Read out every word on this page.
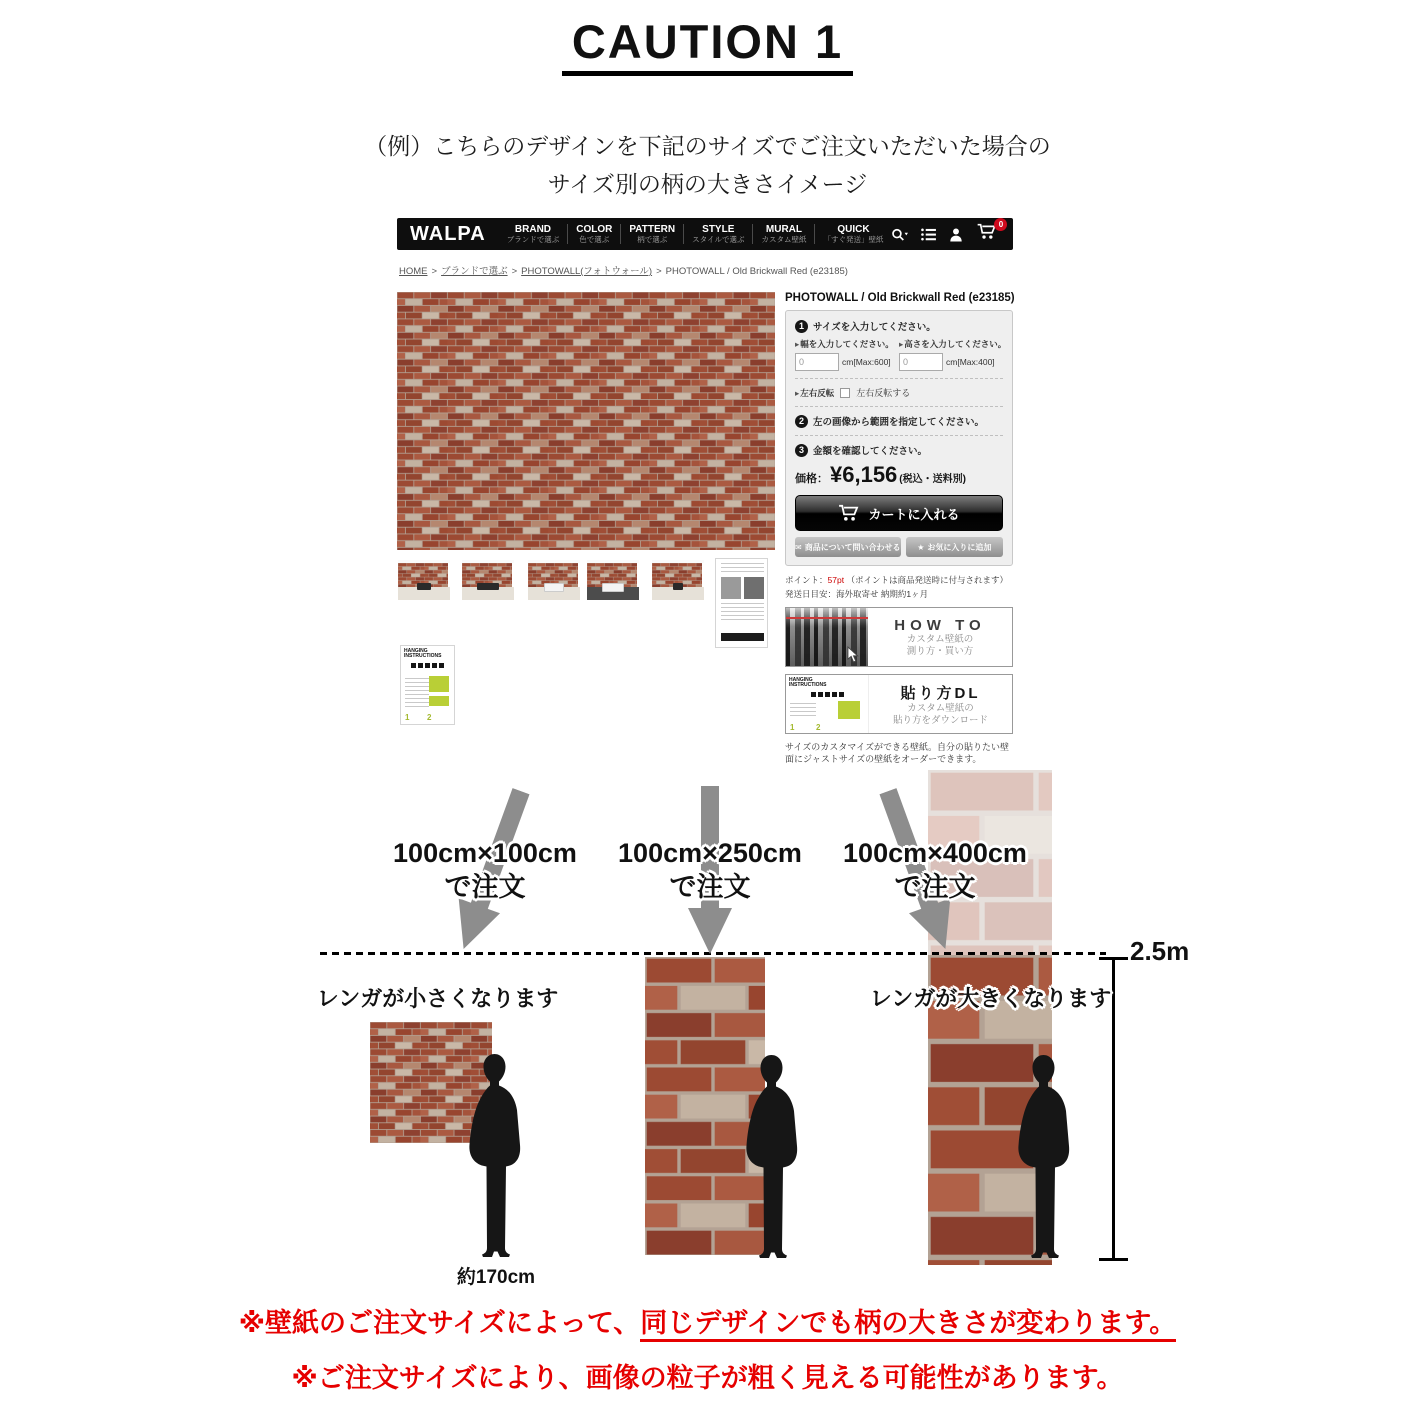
CAUTION 1
（例）こちらのデザインを下記のサイズでご注文いただいた場合の
サイズ別の柄の大きさイメージ
WALPA	BRAND
ブランドで選ぶ
COLOR
色で選ぶ
PATTERN
柄で選ぶ
STYLE
スタイルで選ぶ
MURAL
カスタム壁紙
QUICK
「すぐ発送」壁紙
0
HOME > ブランドで選ぶ > PHOTOWALL(フォトウォール) > PHOTOWALL / Old Brickwall Red (e23185)
PHOTOWALL / Old Brickwall Red (e23185)
1 サイズを入力してください。
▸幅を入力してください。
0
cm[Max:600]
▸高さを入力してください。
0
cm[Max:400]
▸左右反転 左右反転する
2 左の画像から範囲を指定してください。
3 金額を確認してください。
価格： ¥6,156 (税込・送料別)
カートに入れる
✉ 商品について問い合わせる ★ お気に入りに追加
ポイント：57pt （ポイントは商品発送時に付与されます）
発送日目安：海外取寄せ 納期約1ヶ月
HOW TO
カスタム壁紙の
測り方・買い方
HANGING INSTRUCTIONS
1	2
貼り方DL
カスタム壁紙の
貼り方をダウンロード
サイズのカスタマイズができる壁紙。自分の貼りたい壁面にジャストサイズの壁紙をオーダーできます。
HANGING INSTRUCTIONS
1 2
100cm×100cm
で注文
100cm×250cm
で注文
100cm×400cm
で注文
レンガが小さくなります	レンガが大きくなります
約170cm
2.5m
※壁紙のご注文サイズによって、同じデザインでも柄の大きさが変わります。
※ご注文サイズにより、画像の粒子が粗く見える可能性があります。
